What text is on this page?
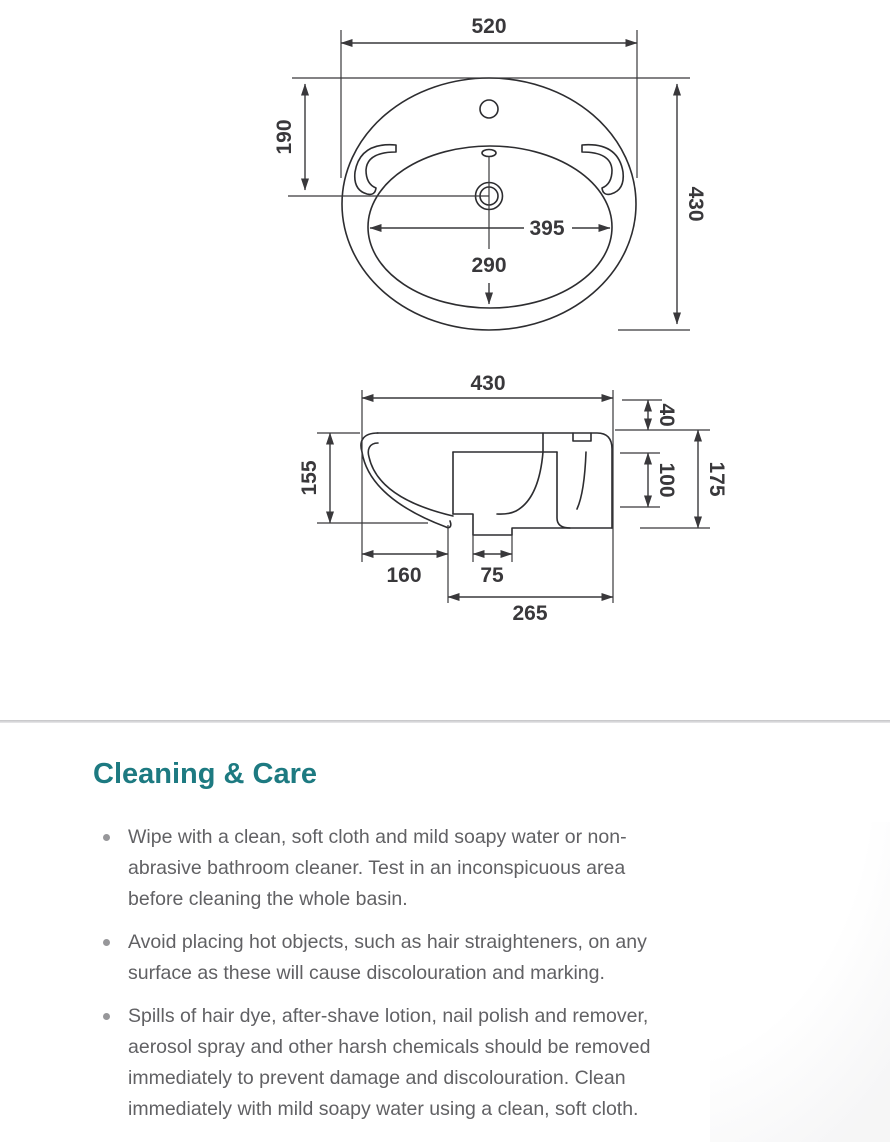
520
190
430
395
290
430
40
155	100 175
160	75
265
Cleaning & Care

Wipe with a clean, soft cloth and mild soapy water or non-
abrasive bathroom cleaner. Test in an inconspicuous area
before cleaning the whole basin.

Avoid placing hot objects, such as hair straighteners, on any
surface as these will cause discolouration and marking.

Spills of hair dye, after-shave lotion, nail polish and remover,
aerosol spray and other harsh chemicals should be removed
immediately to prevent damage and discolouration. Clean
immediately with mild soapy water using a clean, soft cloth.
